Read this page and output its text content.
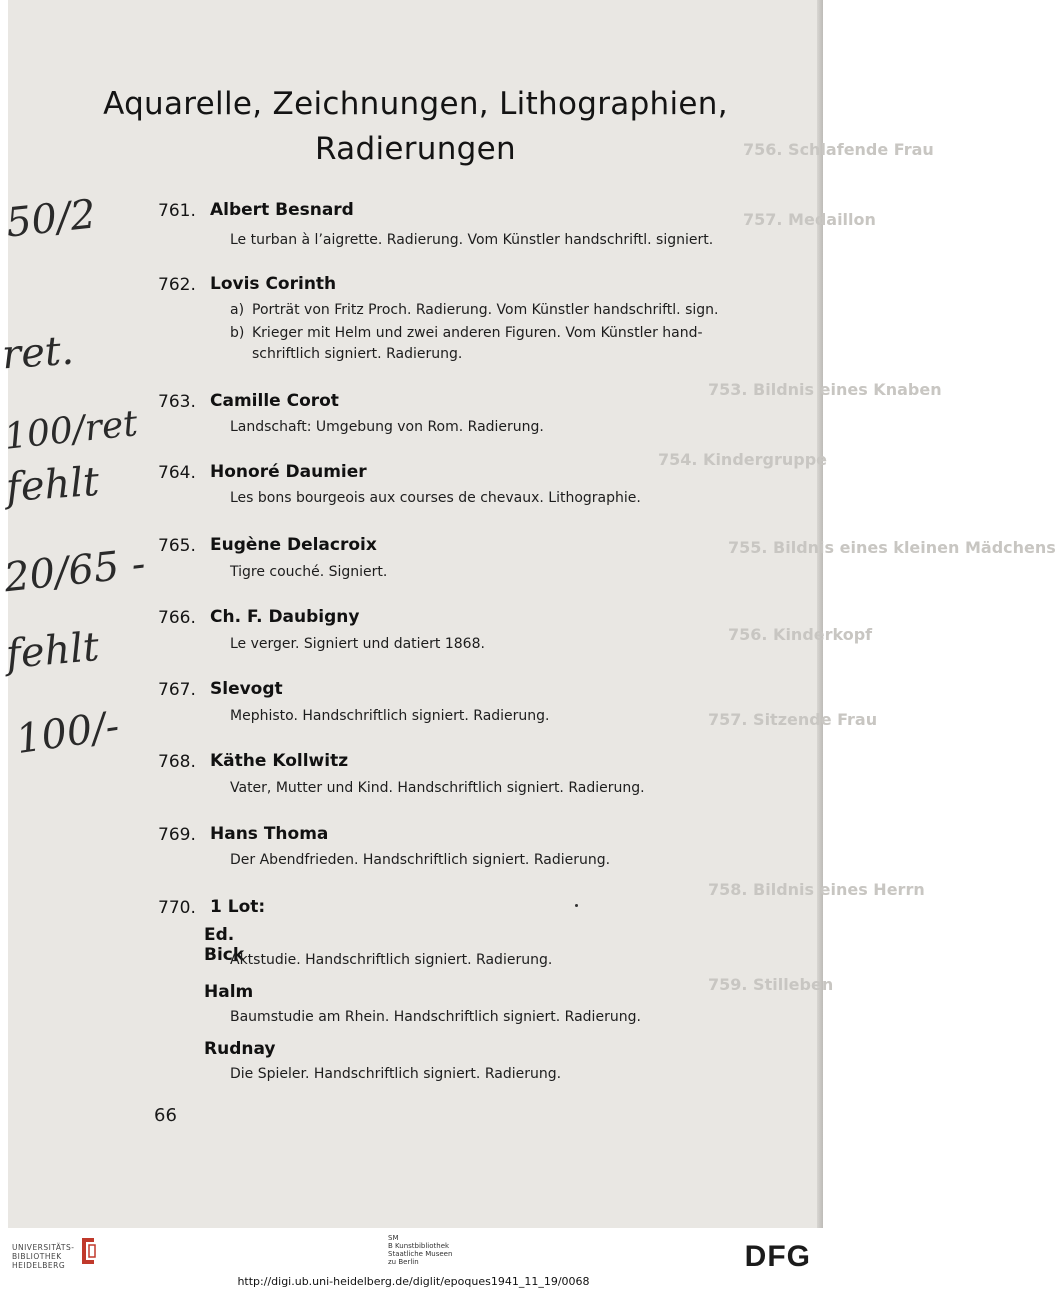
756. Schlafende Frau
757. Medaillon
753. Bildnis eines Knaben
754. Kindergruppe
755. Bildnis eines kleinen Mädchens
756. Kinderkopf
757. Sitzende Frau
758. Bildnis eines Herrn
759. Stilleben
Aquarelle, Zeichnungen, Lithographien,
Radierungen
761. Albert Besnard
Le turban à l’aigrette. Radierung. Vom Künstler handschriftl. signiert.
762. Lovis Corinth
a) Porträt von Fritz Proch. Radierung. Vom Künstler handschriftl. sign.
b) Krieger mit Helm und zwei anderen Figuren. Vom Künstler hand-
schriftlich signiert. Radierung.
763. Camille Corot
Landschaft: Umgebung von Rom. Radierung.
764. Honoré Daumier
Les bons bourgeois aux courses de chevaux. Lithographie.
765. Eugène Delacroix
Tigre couché. Signiert.
766. Ch. F. Daubigny
Le verger. Signiert und datiert 1868.
767. Slevogt
Mephisto. Handschriftlich signiert. Radierung.
768. Käthe Kollwitz
Vater, Mutter und Kind. Handschriftlich signiert. Radierung.
769. Hans Thoma
Der Abendfrieden. Handschriftlich signiert. Radierung.
770. 1 Lot:
Ed. Bick
Aktstudie. Handschriftlich signiert. Radierung.
Halm
Baumstudie am Rhein. Handschriftlich signiert. Radierung.
Rudnay
Die Spieler. Handschriftlich signiert. Radierung.
66
50/2
ret.
100/ret
fehlt
20/65 -
fehlt
100/-
UNIVERSITÄTS-
BIBLIOTHEK
HEIDELBERG
SM
B Kunstbibliothek
Staatliche Museen
zu Berlin	DFG
http://digi.ub.uni-heidelberg.de/diglit/epoques1941_11_19/0068
